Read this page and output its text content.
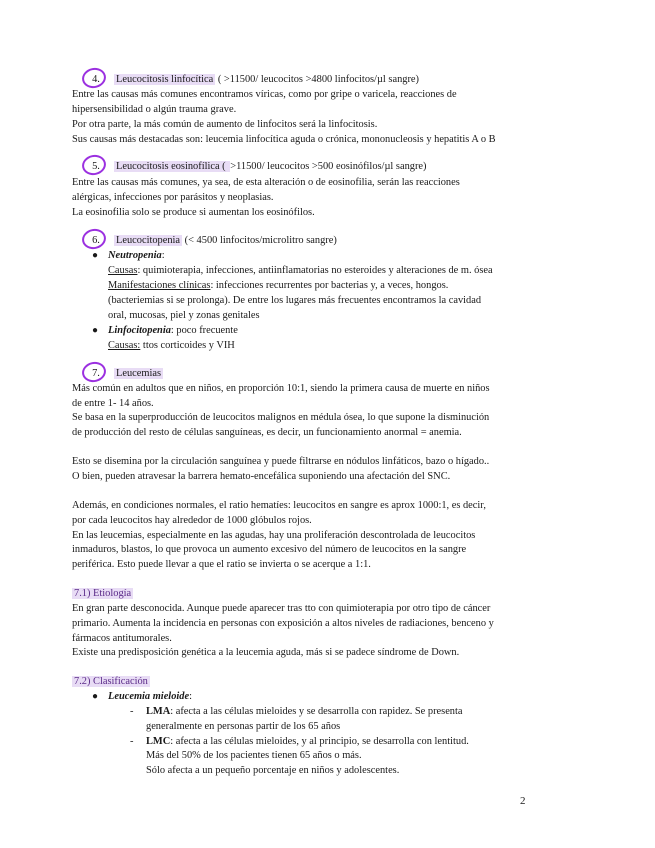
4. Leucocitosis linfocítica ( >11500/ leucocitos >4800 linfocitos/µl sangre)
Entre las causas más comunes encontramos víricas, como por gripe o varicela, reacciones de
hipersensibilidad o algún trauma grave.
Por otra parte, la más común de aumento de linfocitos será la linfocitosis.
Sus causas más destacadas son: leucemia linfocítica aguda o crónica, mononucleosis y hepatitis A o B
5. Leucocitosis eosinofílica ( >11500/ leucocitos >500 eosinófilos/µl sangre)
Entre las causas más comunes, ya sea, de esta alteración o de eosinofilia, serán las reacciones
alérgicas, infecciones por parásitos y neoplasias.
La eosinofilia solo se produce si aumentan los eosinófilos.
6. Leucocitopenia (< 4500 linfocitos/microlitro sangre)
● Neutropenia:
Causas: quimioterapia, infecciones, antiinflamatorias no esteroides y alteraciones de m. ósea
Manifestaciones clínicas: infecciones recurrentes por bacterias y, a veces, hongos.
(bacteriemias si se prolonga). De entre los lugares más frecuentes encontramos la cavidad
oral, mucosas, piel y zonas genitales
● Linfocitopenia: poco frecuente
Causas: ttos corticoides y VIH
7. Leucemias
Más común en adultos que en niños, en proporción 10:1, siendo la primera causa de muerte en niños
de entre 1- 14 años.
Se basa en la superproducción de leucocitos malignos en médula ósea, lo que supone la disminución
de producción del resto de células sanguíneas, es decir, un funcionamiento anormal = anemia.
Esto se disemina por la circulación sanguínea y puede filtrarse en nódulos linfáticos, bazo o hígado..
O bien, pueden atravesar la barrera hemato-encefálica suponiendo una afectación del SNC.
Además, en condiciones normales, el ratio hematíes: leucocitos en sangre es aprox 1000:1, es decir,
por cada leucocitos hay alrededor de 1000 glóbulos rojos.
En las leucemias, especialmente en las agudas, hay una proliferación descontrolada de leucocitos
inmaduros, blastos, lo que provoca un aumento excesivo del número de leucocitos en la sangre
periférica. Esto puede llevar a que el ratio se invierta o se acerque a 1:1.
7.1) Etiología
En gran parte desconocida. Aunque puede aparecer tras tto con quimioterapia por otro tipo de cáncer
primario. Aumenta la incidencia en personas con exposición a altos niveles de radiaciones, benceno y
fármacos antitumorales.
Existe una predisposición genética a la leucemia aguda, más si se padece síndrome de Down.
7.2) Clasificación
● Leucemia mieloide:
- LMA: afecta a las células mieloides y se desarrolla con rapidez. Se presenta
generalmente en personas partir de los 65 años
- LMC: afecta a las células mieloides, y al principio, se desarrolla con lentitud.
Más del 50% de los pacientes tienen 65 años o más.
Sólo afecta a un pequeño porcentaje en niños y adolescentes.
2
